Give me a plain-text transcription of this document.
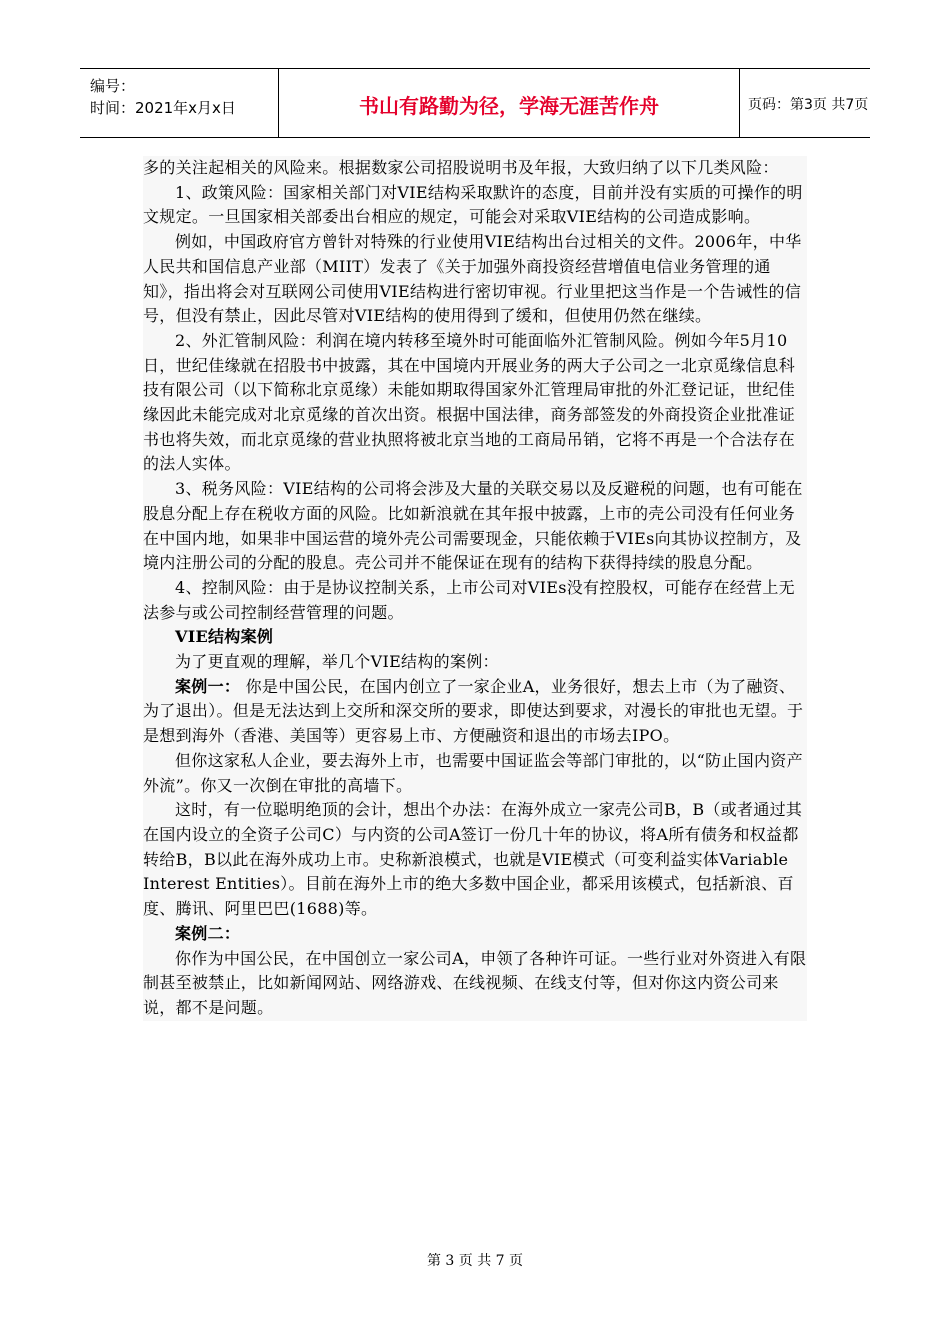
编号：
时间：2021年x月x日	书山有路勤为径，学海无涯苦作舟	页码：第3页 共7页

多的关注起相关的风险来。根据数家公司招股说明书及年报，大致归纳了以下几类风险：

1、政策风险：国家相关部门对VIE结构采取默许的态度，目前并没有实质的可操作的明文规定。一旦国家相关部委出台相应的规定，可能会对采取VIE结构的公司造成影响。

例如，中国政府官方曾针对特殊的行业使用VIE结构出台过相关的文件。2006年，中华人民共和国信息产业部（MIIT）发表了《关于加强外商投资经营增值电信业务管理的通知》，指出将会对互联网公司使用VIE结构进行密切审视。行业里把这当作是一个告诫性的信号，但没有禁止，因此尽管对VIE结构的使用得到了缓和，但使用仍然在继续。

2、外汇管制风险：利润在境内转移至境外时可能面临外汇管制风险。例如今年5月10日，世纪佳缘就在招股书中披露，其在中国境内开展业务的两大子公司之一北京觅缘信息科技有限公司（以下简称北京觅缘）未能如期取得国家外汇管理局审批的外汇登记证，世纪佳缘因此未能完成对北京觅缘的首次出资。根据中国法律，商务部签发的外商投资企业批准证书也将失效，而北京觅缘的营业执照将被北京当地的工商局吊销，它将不再是一个合法存在的法人实体。

3、税务风险：VIE结构的公司将会涉及大量的关联交易以及反避税的问题，也有可能在股息分配上存在税收方面的风险。比如新浪就在其年报中披露，上市的壳公司没有任何业务在中国内地，如果非中国运营的境外壳公司需要现金，只能依赖于VIEs向其协议控制方，及境内注册公司的分配的股息。壳公司并不能保证在现有的结构下获得持续的股息分配。

4、控制风险：由于是协议控制关系，上市公司对VIEs没有控股权，可能存在经营上无法参与或公司控制经营管理的问题。

VIE结构案例

为了更直观的理解，举几个VIE结构的案例：

案例一： 你是中国公民，在国内创立了一家企业A，业务很好，想去上市（为了融资、为了退出）。但是无法达到上交所和深交所的要求，即使达到要求，对漫长的审批也无望。于是想到海外（香港、美国等）更容易上市、方便融资和退出的市场去IPO。

但你这家私人企业，要去海外上市，也需要中国证监会等部门审批的，以“防止国内资产外流”。你又一次倒在审批的高墙下。

这时，有一位聪明绝顶的会计，想出个办法：在海外成立一家壳公司B，B（或者通过其在国内设立的全资子公司C）与内资的公司A签订一份几十年的协议，将A所有债务和权益都转给B，B以此在海外成功上市。史称新浪模式，也就是VIE模式（可变利益实体Variable Interest Entities）。目前在海外上市的绝大多数中国企业，都采用该模式，包括新浪、百度、腾讯、阿里巴巴(1688)等。

案例二：

你作为中国公民，在中国创立一家公司A，申领了各种许可证。一些行业对外资进入有限制甚至被禁止，比如新闻网站、网络游戏、在线视频、在线支付等，但对你这内资公司来说，都不是问题。

第 3 页 共 7 页
